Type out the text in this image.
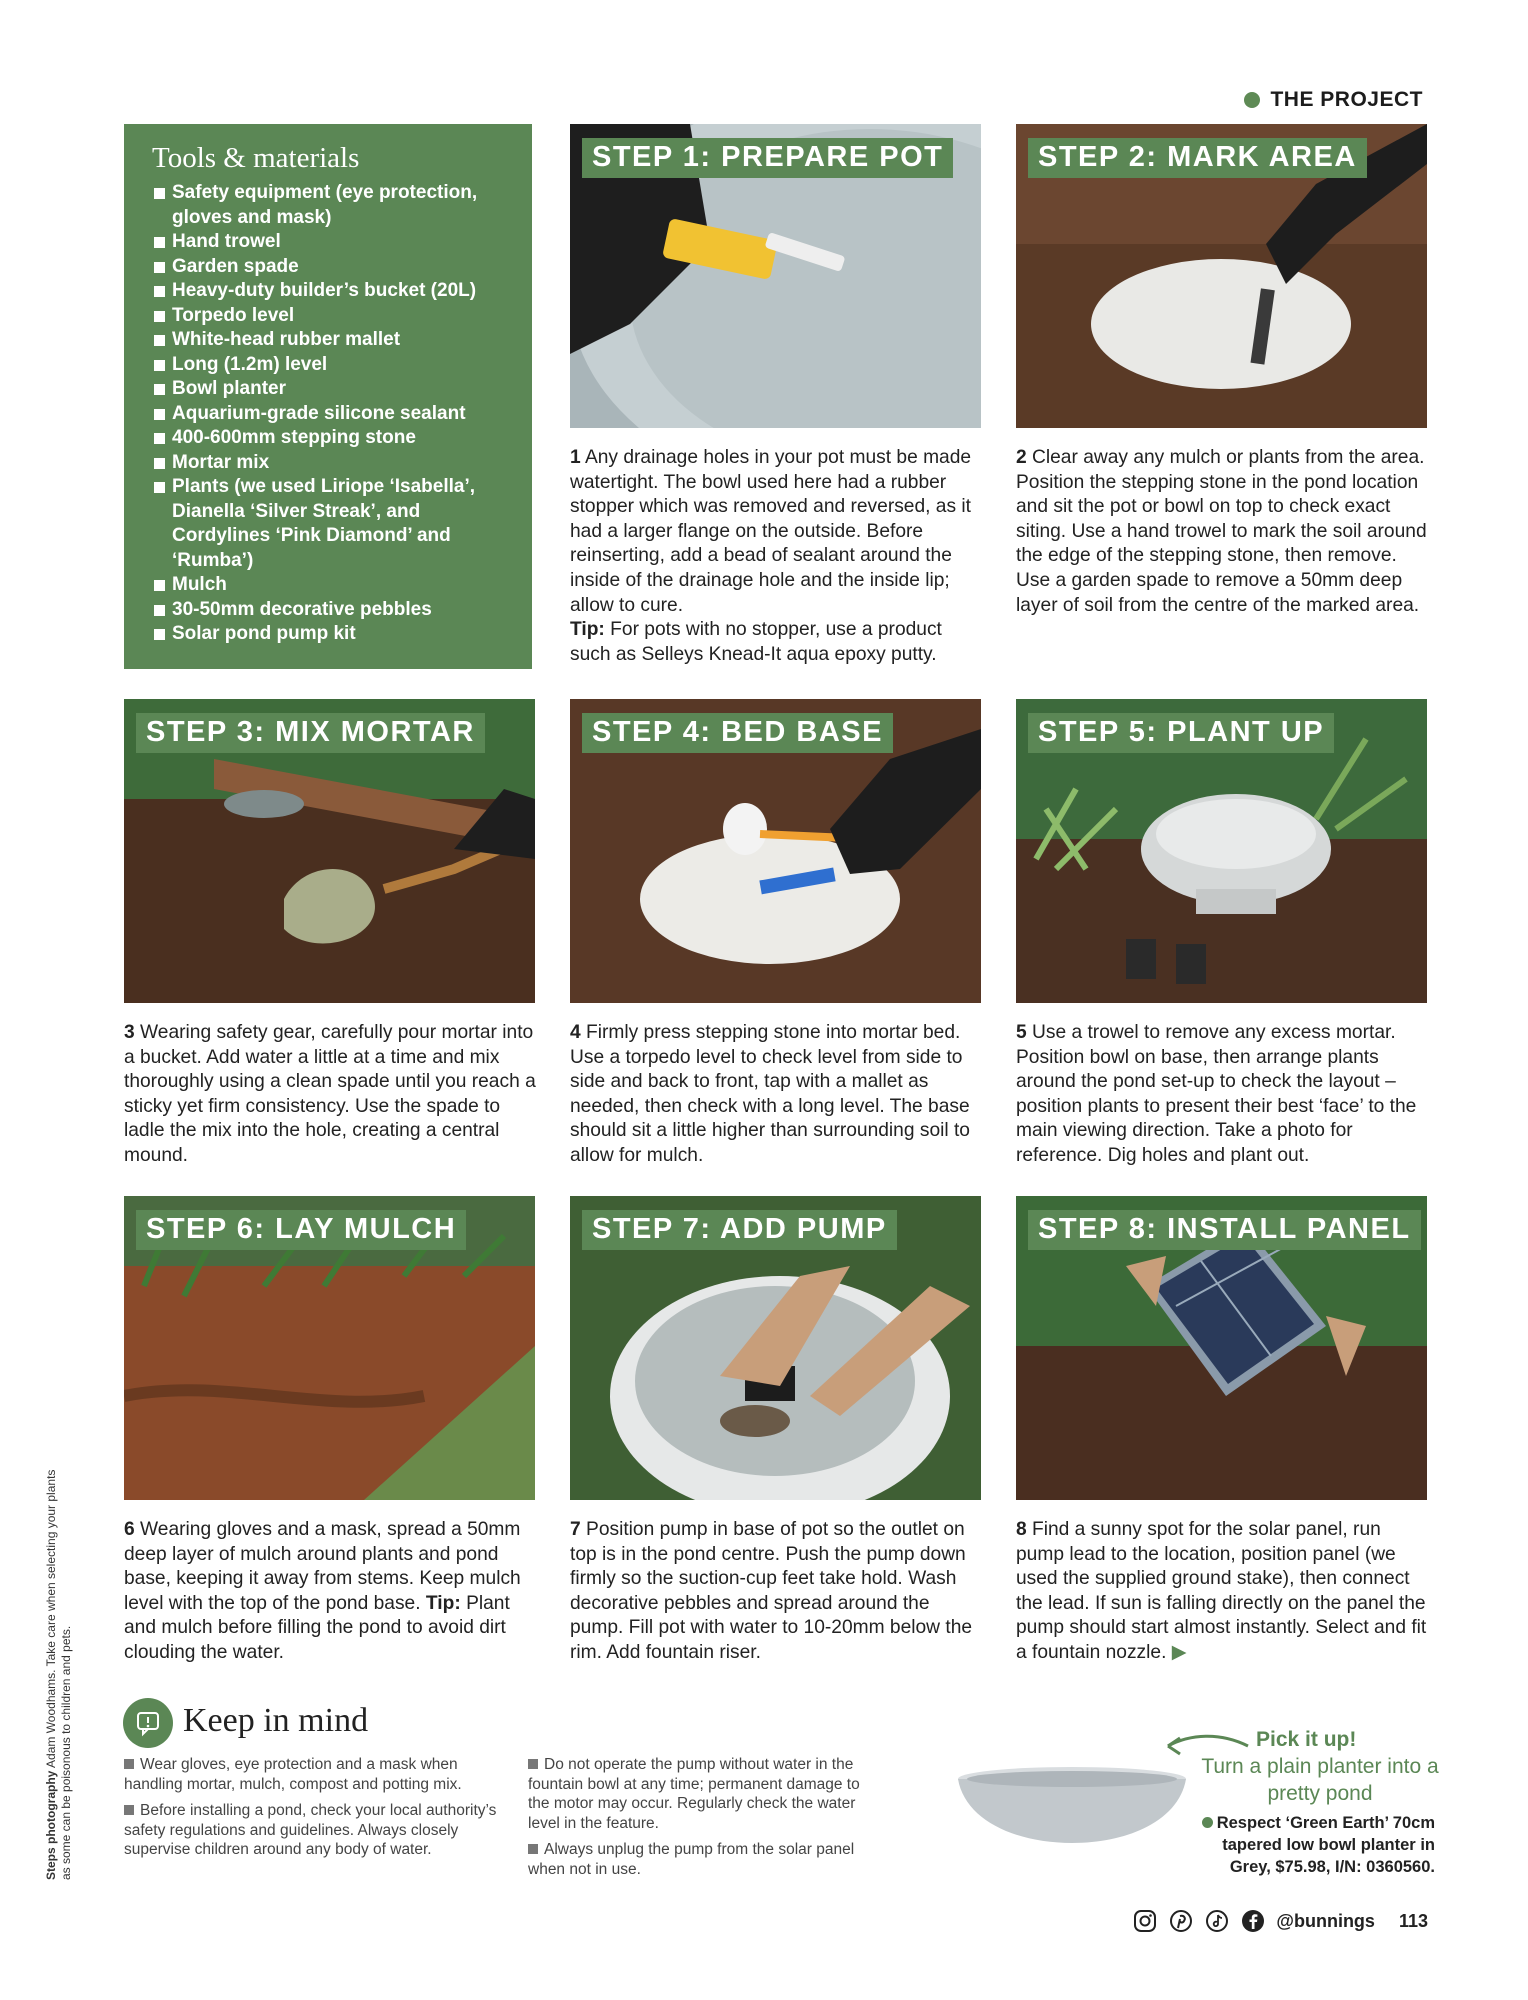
THE PROJECT
Tools & materials
Safety equipment (eye protection, gloves and mask)
Hand trowel
Garden spade
Heavy-duty builder’s bucket (20L)
Torpedo level
White-head rubber mallet
Long (1.2m) level
Bowl planter
Aquarium-grade silicone sealant
400-600mm stepping stone
Mortar mix
Plants (we used Liriope ‘Isabella’, Dianella ‘Silver Streak’, and Cordylines ‘Pink Diamond’ and ‘Rumba’)
Mulch
30-50mm decorative pebbles
Solar pond pump kit
STEP 1: PREPARE POT	STEP 2: MARK AREA
1 Any drainage holes in your pot must be made watertight. The bowl used here had a rubber stopper which was removed and reversed, as it had a larger flange on the outside. Before reinserting, add a bead of sealant around the inside of the drainage hole and the inside lip; allow to cure.
Tip: For pots with no stopper, use a product such as Selleys Knead-It aqua epoxy putty.
2 Clear away any mulch or plants from the area. Position the stepping stone in the pond location and sit the pot or bowl on top to check exact siting. Use a hand trowel to mark the soil around the edge of the stepping stone, then remove. Use a garden spade to remove a 50mm deep layer of soil from the centre of the marked area.
STEP 3: MIX MORTAR	STEP 4: BED BASE	STEP 5: PLANT UP
3 Wearing safety gear, carefully pour mortar into a bucket. Add water a little at a time and mix thoroughly using a clean spade until you reach a sticky yet firm consistency. Use the spade to ladle the mix into the hole, creating a central mound.
4 Firmly press stepping stone into mortar bed. Use a torpedo level to check level from side to side and back to front, tap with a mallet as needed, then check with a long level. The base should sit a little higher than surrounding soil to allow for mulch.
5 Use a trowel to remove any excess mortar. Position bowl on base, then arrange plants around the pond set-up to check the layout – position plants to present their best ‘face’ to the main viewing direction. Take a photo for reference. Dig holes and plant out.
STEP 6: LAY MULCH	STEP 7: ADD PUMP	STEP 8: INSTALL PANEL
6 Wearing gloves and a mask, spread a 50mm deep layer of mulch around plants and pond base, keeping it away from stems. Keep mulch level with the top of the pond base. Tip: Plant and mulch before filling the pond to avoid dirt clouding the water.
7 Position pump in base of pot so the outlet on top is in the pond centre. Push the pump down firmly so the suction-cup feet take hold. Wash decorative pebbles and spread around the pump. Fill pot with water to 10-20mm below the rim. Add fountain riser.
8 Find a sunny spot for the solar panel, run pump lead to the location, position panel (we used the supplied ground stake), then connect the lead. If sun is falling directly on the panel the pump should start almost instantly. Select and fit a fountain nozzle. ▶
Steps photography Adam Woodhams. Take care when selecting your plants as some can be poisonous to children and pets.	Keep in mind

Wear gloves, eye protection and a mask when handling mortar, mulch, compost and potting mix.

Before installing a pond, check your local authority’s safety regulations and guidelines. Always closely supervise children around any body of water.

Do not operate the pump without water in the fountain bowl at any time; permanent damage to the motor may occur. Regularly check the water level in the feature.

Always unplug the pump from the solar panel when not in use.

Pick it up!
Turn a plain planter into a pretty pond
Respect ‘Green Earth’ 70cm tapered low bowl planter in Grey, $75.98, I/N: 0360560.
@bunnings 113
